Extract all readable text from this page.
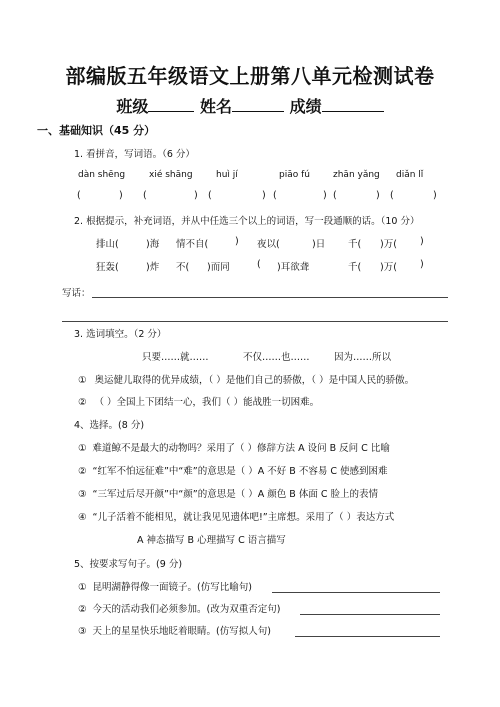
部编版五年级语文上册第八单元检测试卷
班级	姓名	成绩
一、基础知识（45 分）
1. 看拼音，写词语。（6 分）
dàn shēng	xié shāng	huì jí	piāo fú	zhān yǎng diǎn lǐ
(	) (	) (	) (	) (	) (	)
2. 根据提示，补充词语，并从中任选三个以上的词语，写一段通顺的话。（10 分）
排山(	)海 情不自(	) 夜以(	)日 千( )万( )
狂轰(	)炸 不( )而同	( )耳欲聋	千( )万( )
写话：
3. 选词填空。（2 分）
只要……就……	不仅……也……	因为……所以
① 奥运健儿取得的优异成绩，（ ）是他们自己的骄傲，（ ）是中国人民的骄傲。
② （ ）全国上下团结一心，我们（ ）能战胜一切困难。
4、选择。(8 分)
① 难道鲸不是最大的动物吗？采用了（ ）修辞方法 A 设问 B 反问 C 比喻
② “红军不怕远征难”中“难”的意思是（ ）A 不好 B 不容易 C 使感到困难
③ “三军过后尽开颜”中“颜”的意思是（ ）A 颜色 B 体面 C 脸上的表情
④ “儿子活着不能相见，就让我见见遗体吧!”主席想。采用了（ ）表达方式
A 神态描写 B 心理描写 C 语言描写
5、按要求写句子。(9 分)
① 昆明湖静得像一面镜子。(仿写比喻句)
② 今天的活动我们必须参加。(改为双重否定句)
③ 天上的星星快乐地眨着眼睛。(仿写拟人句)
